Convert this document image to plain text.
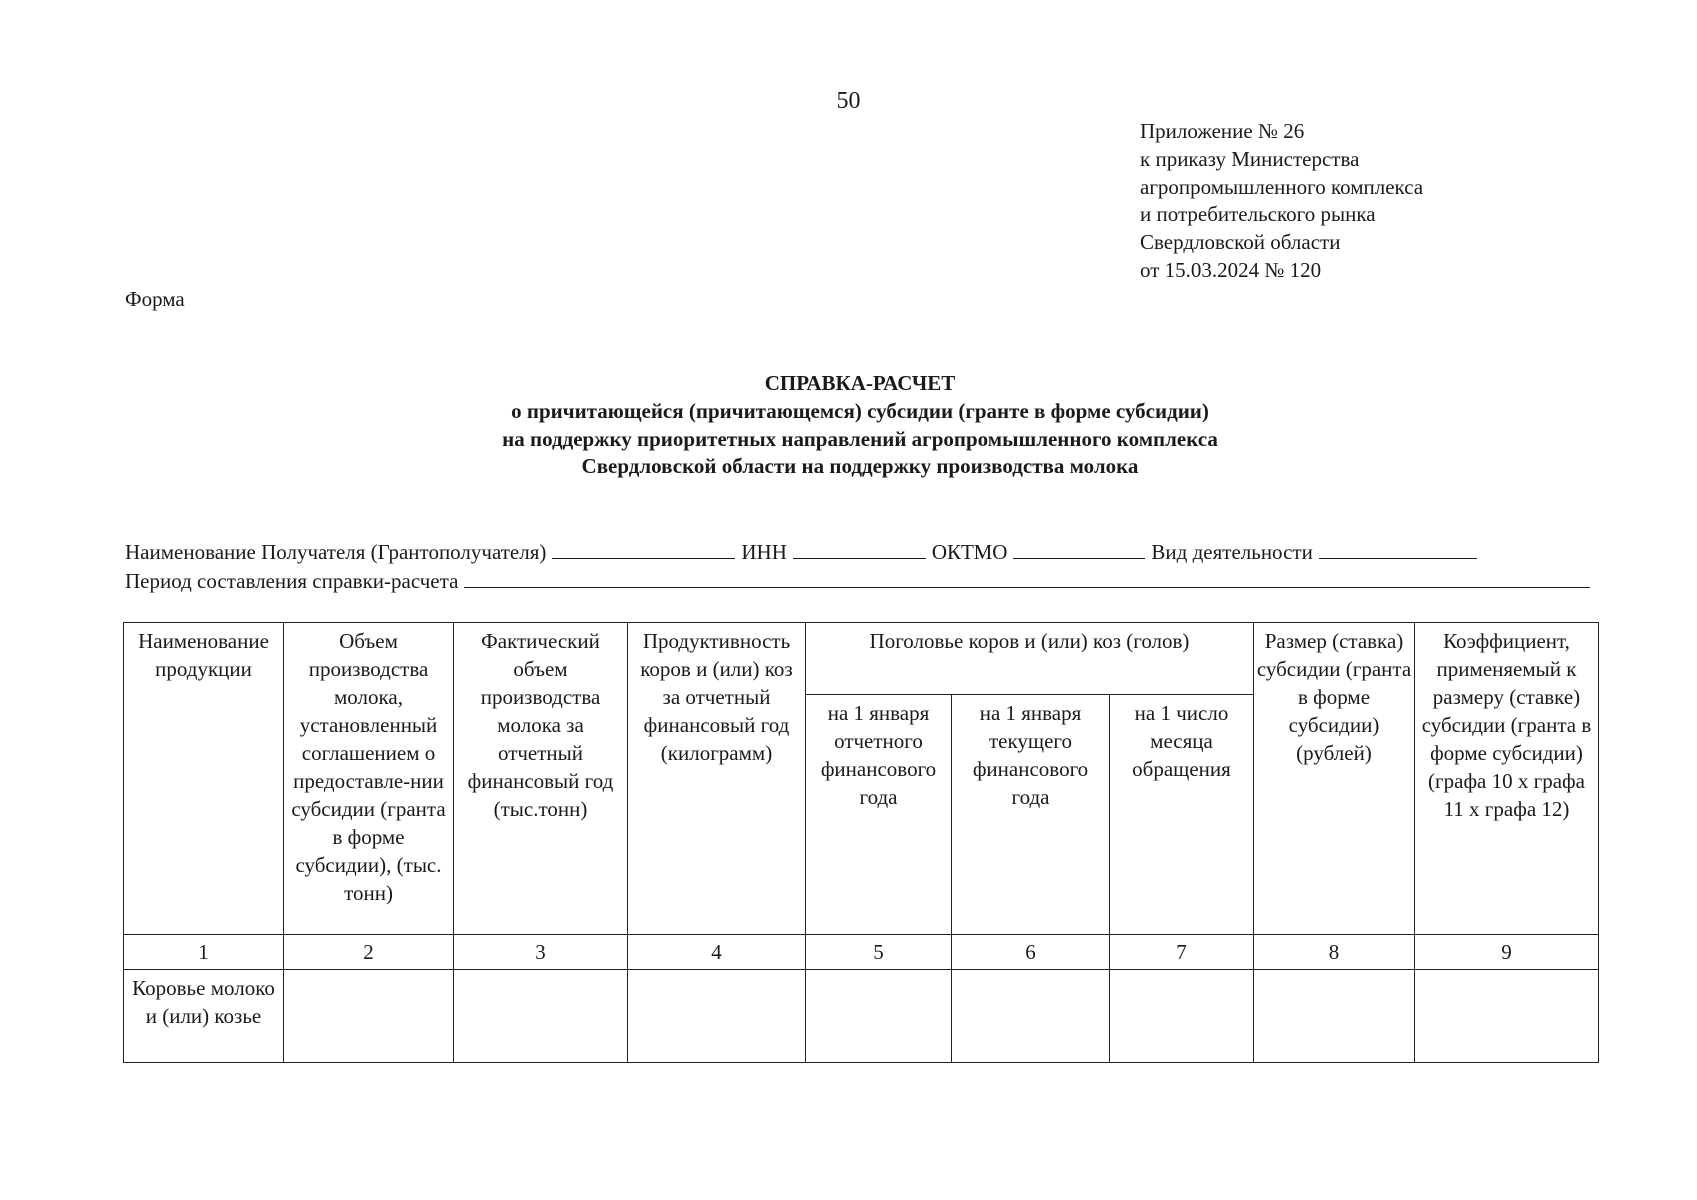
50
Приложение № 26
к приказу Министерства
агропромышленного комплекса
и потребительского рынка
Свердловской области
от 15.03.2024 № 120
Форма
СПРАВКА-РАСЧЕТ
о причитающейся (причитающемся) субсидии (гранте в форме субсидии)
на поддержку приоритетных направлений агропромышленного комплекса
Свердловской области на поддержку производства молока
Наименование Получателя (Грантополучателя)	ИНН	ОКТМО	Вид деятельности
Период составления справки-расчета
Наименование продукции	Объем производства молока, установленный соглашением о предоставле-нии субсидии (гранта в форме субсидии), (тыс. тонн)	Фактический объем производства молока за отчетный финансовый год (тыс.тонн)	Продуктивность коров и (или) коз за отчетный финансовый год (килограмм)	Поголовье коров и (или) коз (голов)			Размер (ставка) субсидии (гранта в форме субсидии) (рублей)	Коэффициент, применяемый к размеру (ставке) субсидии (гранта в форме субсидии) (графа 10 x графа 11 x графа 12)
				на 1 января отчетного финансового года	на 1 января текущего финансового года	на 1 число месяца обращения		
1	2	3	4	5	6	7	8	9
Коровье молоко и (или) козье								
